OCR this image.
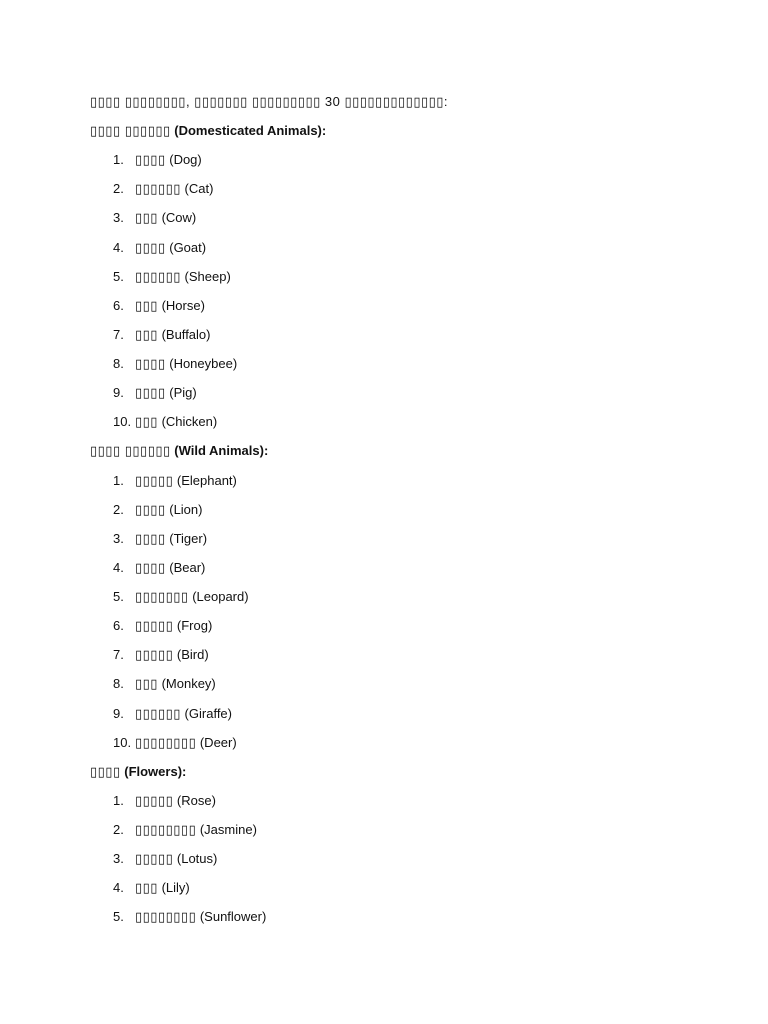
▯▯▯▯ ▯▯▯▯▯▯▯▯, ▯▯▯▯▯▯▯ ▯▯▯▯▯▯▯▯▯ 30 ▯▯▯▯▯▯▯▯▯▯▯▯▯:
▯▯▯▯ ▯▯▯▯▯▯ (Domesticated Animals):
1. ▯▯▯▯ (Dog)
2. ▯▯▯▯▯▯ (Cat)
3. ▯▯▯ (Cow)
4. ▯▯▯▯ (Goat)
5. ▯▯▯▯▯▯ (Sheep)
6. ▯▯▯ (Horse)
7. ▯▯▯ (Buffalo)
8. ▯▯▯▯ (Honeybee)
9. ▯▯▯▯ (Pig)
10. ▯▯▯ (Chicken)
▯▯▯▯ ▯▯▯▯▯▯ (Wild Animals):
1. ▯▯▯▯▯ (Elephant)
2. ▯▯▯▯ (Lion)
3. ▯▯▯▯ (Tiger)
4. ▯▯▯▯ (Bear)
5. ▯▯▯▯▯▯▯ (Leopard)
6. ▯▯▯▯▯ (Frog)
7. ▯▯▯▯▯ (Bird)
8. ▯▯▯ (Monkey)
9. ▯▯▯▯▯▯ (Giraffe)
10. ▯▯▯▯▯▯▯▯ (Deer)
▯▯▯▯ (Flowers):
1. ▯▯▯▯▯ (Rose)
2. ▯▯▯▯▯▯▯▯ (Jasmine)
3. ▯▯▯▯▯ (Lotus)
4. ▯▯▯ (Lily)
5. ▯▯▯▯▯▯▯▯ (Sunflower)
